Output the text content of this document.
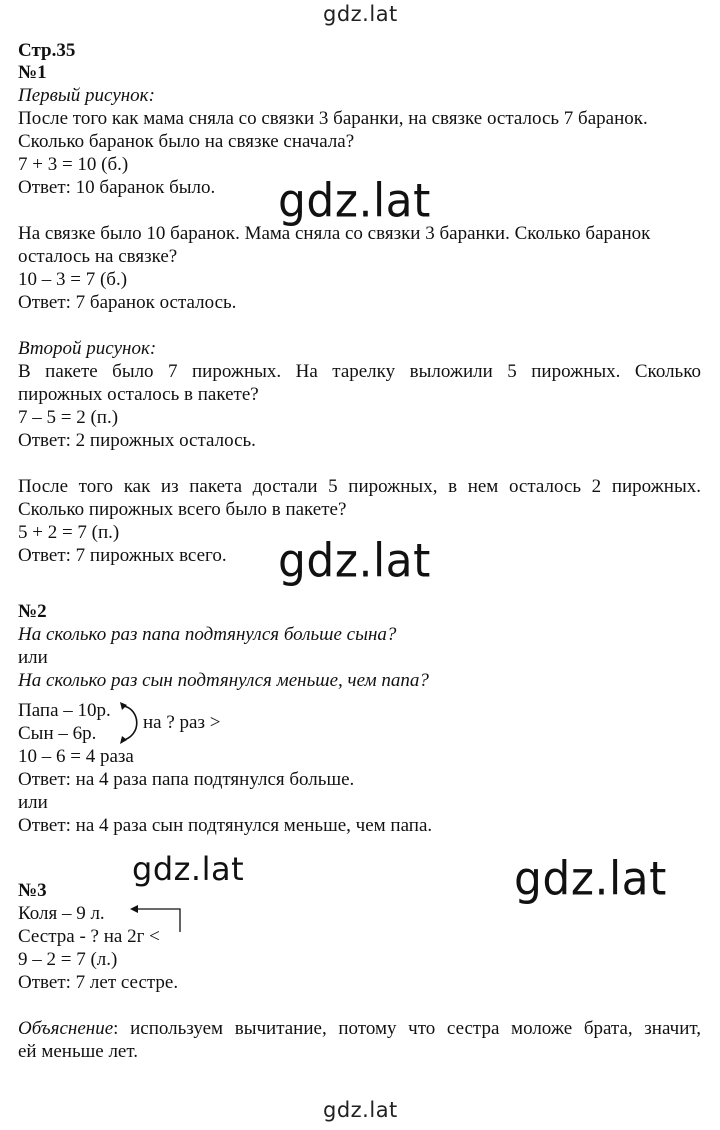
gdz.lat
gdz.lat
gdz.lat
gdz.lat	gdz.lat
gdz.lat
Стр.35
№1
Первый рисунок:
После того как мама сняла со связки 3 баранки, на связке осталось 7 баранок.
Сколько баранок было на связке сначала?
7 + 3 = 10 (б.)
Ответ: 10 баранок было.
На связке было 10 баранок. Мама сняла со связки 3 баранки. Сколько баранок
осталось на связке?
10 – 3 = 7 (б.)
Ответ: 7 баранок осталось.
Второй рисунок:
В пакете было 7 пирожных. На тарелку выложили 5 пирожных. Сколько
пирожных осталось в пакете?
7 – 5 = 2 (п.)
Ответ: 2 пирожных осталось.
После того как из пакета достали 5 пирожных, в нем осталось 2 пирожных.
Сколько пирожных всего было в пакете?
5 + 2 = 7 (п.)
Ответ: 7 пирожных всего.
№2
На сколько раз папа подтянулся больше сына?
или
На сколько раз сын подтянулся меньше, чем папа?
Папа – 10р.
Сын – 6р.
на ? раз >
10 – 6 = 4 раза
Ответ: на 4 раза папа подтянулся больше.
или
Ответ: на 4 раза сын подтянулся меньше, чем папа.
№3
Коля – 9 л.
Сестра - ? на 2г <
9 – 2 = 7 (л.)
Ответ: 7 лет сестре.
Объяснение: используем вычитание, потому что сестра моложе брата, значит,
ей меньше лет.
